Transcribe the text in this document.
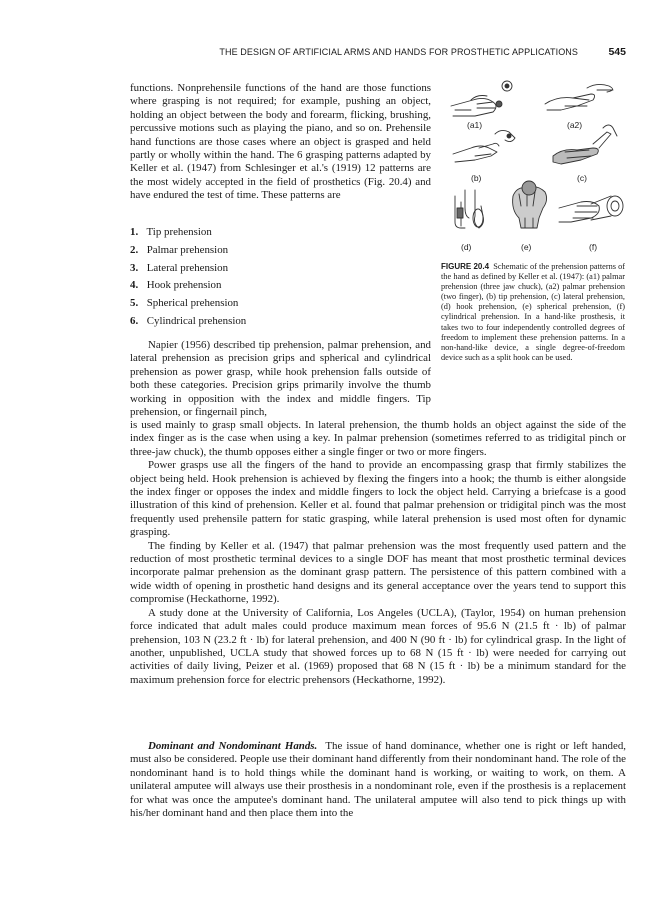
THE DESIGN OF ARTIFICIAL ARMS AND HANDS FOR PROSTHETIC APPLICATIONS	545

functions. Nonprehensile functions of the hand are those functions where grasping is not required; for example, pushing an object, holding an object between the body and forearm, flicking, brushing, percussive motions such as playing the piano, and so on. Prehensile hand functions are those cases where an object is grasped and held partly or wholly within the hand. The 6 grasping patterns adapted by Keller et al. (1947) from Schlesinger et al.'s (1919) 12 patterns are the most widely accepted in the field of prosthetics (Fig. 20.4) and have endured the test of time. These patterns are

1. Tip prehension
2. Palmar prehension
3. Lateral prehension
4. Hook prehension
5. Spherical prehension
6. Cylindrical prehension

Napier (1956) described tip prehension, palmar prehension, and lateral prehension as precision grips and spherical and cylindrical prehension as power grasp, while hook prehension falls outside of both these categories. Precision grips primarily involve the thumb working in opposition with the index and middle fingers. Tip prehension, or fingernail pinch,

is used mainly to grasp small objects. In lateral prehension, the thumb holds an object against the side of the index finger as is the case when using a key. In palmar prehension (sometimes referred to as tridigital pinch or three-jaw chuck), the thumb opposes either a single finger or two or more fingers.

Power grasps use all the fingers of the hand to provide an encompassing grasp that firmly stabilizes the object being held. Hook prehension is achieved by flexing the fingers into a hook; the thumb is either alongside the index finger or opposes the index and middle fingers to lock the object held. Carrying a briefcase is a good illustration of this kind of prehension. Keller et al. found that palmar prehension or tridigital pinch was the most frequently used prehensile pattern for static grasping, while lateral prehension is used most often for dynamic grasping.

The finding by Keller et al. (1947) that palmar prehension was the most frequently used pattern and the reduction of most prosthetic terminal devices to a single DOF has meant that most prosthetic terminal devices incorporate palmar prehension as the dominant grasp pattern. The persistence of this pattern combined with a wide width of opening in prosthetic hand designs and its general acceptance over the years tend to support this compromise (Heckathorne, 1992).

A study done at the University of California, Los Angeles (UCLA), (Taylor, 1954) on human prehension force indicated that adult males could produce maximum mean forces of 95.6 N (21.5 ft · lb) of palmar prehension, 103 N (23.2 ft · lb) for lateral prehension, and 400 N (90 ft · lb) for cylindrical grasp. In the light of another, unpublished, UCLA study that showed forces up to 68 N (15 ft · lb) were needed for carrying out activities of daily living, Peizer et al. (1969) proposed that 68 N (15 ft · lb) be a minimum standard for the maximum prehension force for electric prehensors (Heckathorne, 1992).

Dominant and Nondominant Hands. The issue of hand dominance, whether one is right or left handed, must also be considered. People use their dominant hand differently from their nondominant hand. The role of the nondominant hand is to hold things while the dominant hand is working, or waiting to work, on them. A unilateral amputee will always use their prosthesis in a nondominant role, even if the prosthesis is a replacement for what was once the amputee's dominant hand. The unilateral amputee will also tend to pick things up with his/her dominant hand and then place them into the

(a1)	(a2)
(b)	(c)
(d)	(e)	(f)
FIGURE 20.4 Schematic of the prehension patterns of the hand as defined by Keller et al. (1947): (a1) palmar prehension (three jaw chuck), (a2) palmar prehension (two finger), (b) tip prehension, (c) lateral prehension, (d) hook prehension, (e) spherical prehension, (f) cylindrical prehension. In a hand-like prosthesis, it takes two to four independently controlled degrees of freedom to implement these prehension patterns. In a non-hand-like device, a single degree-of-freedom device such as a split hook can be used.
